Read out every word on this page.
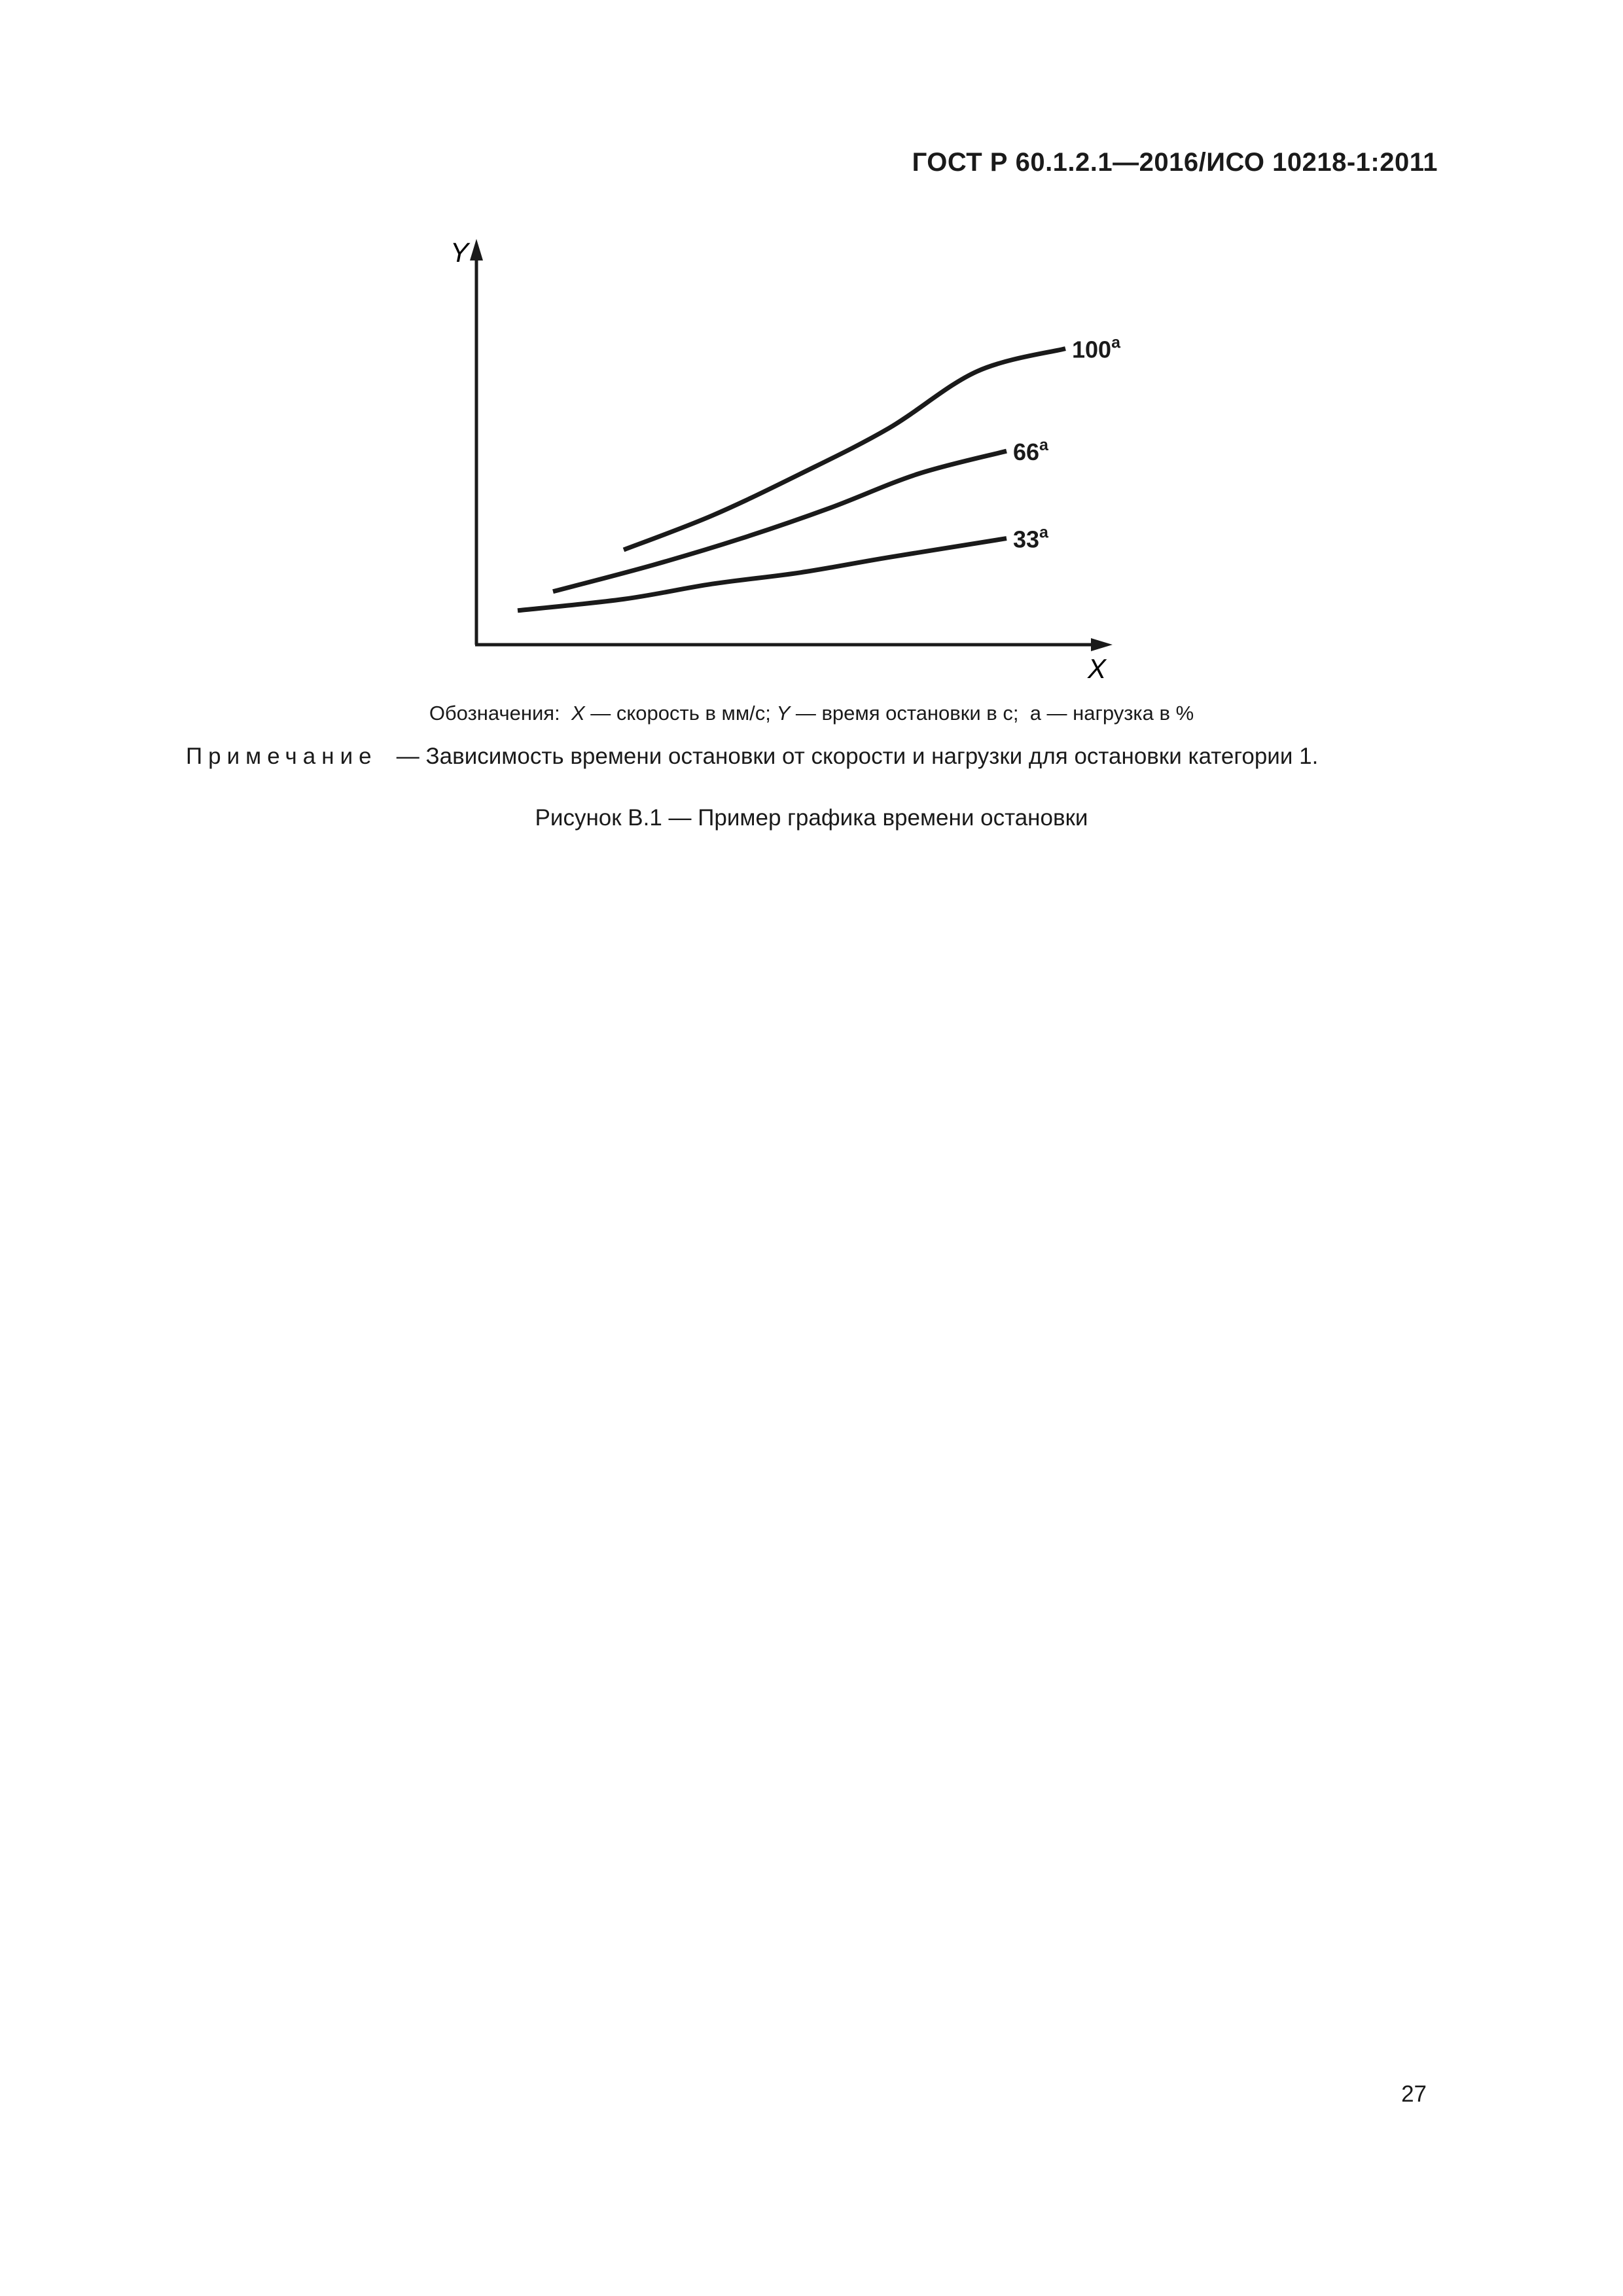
ГОСТ Р 60.1.2.1—2016/ИСО 10218-1:2011
Y
X
100$^a$
66$^a$
33$^a$
Обозначения: X — скорость в мм/с; Y — время остановки в с; а — нагрузка в %
Примечание — Зависимость времени остановки от скорости и нагрузки для остановки категории 1.
Рисунок В.1 — Пример графика времени остановки
27
